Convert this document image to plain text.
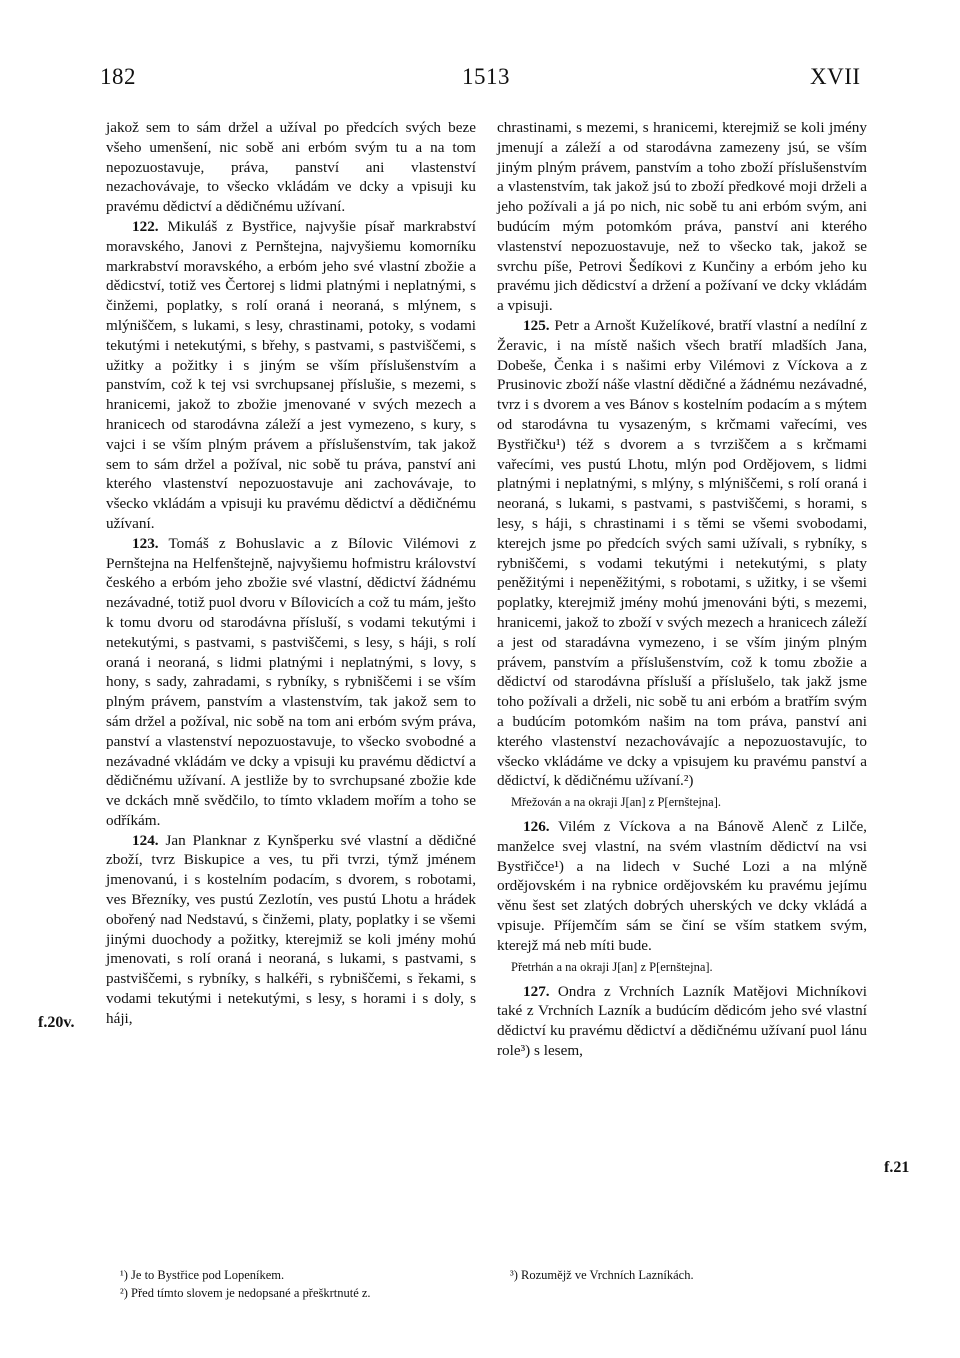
182	1513	XVII

jakož sem to sám držel a užíval po předcích svých beze všeho umenšení, nic sobě ani erbóm svým tu a na tom nepozuostavuje, práva, panství ani vlastenství nezachovávaje, to všecko vkládám ve dcky a vpisuji ku pravému dědictví a dědičnému užívaní.

122. Mikuláš z Bystřice, najvyšie písař markrabství moravského, Janovi z Pernštejna, najvyšiemu komorníku markrabství moravského, a erbóm jeho své vlastní zbožie a dědicství, totiž ves Čertorej s lidmi platnými i neplatnými, s činžemi, poplatky, s rolí oraná i neoraná, s mlýnem, s mlýniščem, s lukami, s lesy, chrastinami, potoky, s vodami tekutými i netekutými, s břehy, s pastvami, s pastviščemi, s užitky a požitky i s jiným se vším příslušenstvím a panstvím, což k tej vsi svrchupsanej příslušie, s mezemi, s hranicemi, jakož to zbožie jmenované v svých mezech a hranicech od starodávna záleží a jest vymezeno, s kury, s vajci i se vším plným právem a příslušenstvím, tak jakož sem to sám držel a požíval, nic sobě tu práva, panství ani kterého vlastenství nepozuostavuje ani zachovávaje, to všecko vkládám a vpisuji ku pravému dědictví a dědičnému užívaní.

123. Tomáš z Bohuslavic a z Bílovic Vilémovi z Pernštejna na Helfenštejně, najvyšiemu hofmistru království českého a erbóm jeho zbožie své vlastní, dědictví žádnému nezávadné, totiž puol dvoru v Bílovicích a což tu mám, ješto k tomu dvoru od starodávna přísluší, s vodami tekutými i netekutými, s pastvami, s pastviščemi, s lesy, s háji, s rolí oraná i neoraná, s lidmi platnými i neplatnými, s lovy, s hony, s sady, zahradami, s rybníky, s rybniščemi i se vším plným právem, panstvím a vlastenstvím, tak jakož sem to sám držel a požíval, nic sobě na tom ani erbóm svým práva, panství a vlastenství nepozuostavuje, to všecko svobodné a nezávadné vkládám ve dcky a vpisuji ku pravému dědictví a dědičnému užívaní. A jestliže by to svrchupsané zbožie kde ve dckách mně svědčilo, to tímto vkladem mořím a toho se odříkám.

124. Jan Planknar z Kynšperku své vlastní a dědičné zboží, tvrz Biskupice a ves, tu při tvrzi, týmž jménem jmenovanú, i s kostelním podacím, s dvorem, s robotami, ves Březníky, ves pustú Zezlotín, ves pustú Lhotu a hrádek obořený nad Nedstavú, s činžemi, platy, poplatky i se všemi jinými duochody a požitky, kterejmiž se koli jmény mohú jmenovati, s rolí oraná i neoraná, s lukami, s pastvami, s pastviščemi, s rybníky, s halkéři, s rybniščemi, s řekami, s vodami tekutými i netekutými, s lesy, s horami i s doly, s háji,

chrastinami, s mezemi, s hranicemi, kterejmiž se koli jmény jmenují a záleží a od starodávna zamezeny jsú, se vším jiným plným právem, panstvím a toho zboží příslušenstvím a vlastenstvím, tak jakož jsú to zboží předkové moji drželi a jeho požívali a já po nich, nic sobě tu ani erbóm svým, ani budúcím mým potomkóm práva, panství ani kterého vlastenství nepozuostavuje, než to všecko tak, jakož se svrchu píše, Petrovi Šedíkovi z Kunčiny a erbóm jeho ku pravému jich dědicství a držení a požívaní ve dcky vkládám a vpisuji.

125. Petr a Arnošt Kuželíkové, bratří vlastní a nedílní z Žeravic, i na místě našich všech bratří mladších Jana, Dobeše, Čenka i s našimi erby Vilémovi z Víckova a z Prusinovic zboží náše vlastní dědičné a žádnému nezávadné, tvrz i s dvorem a ves Bánov s kostelním podacím a s mýtem od starodávna tu vysazeným, s krčmami vařecími, ves Bystřičku¹) též s dvorem a s tvrziščem a s krčmami vařecími, ves pustú Lhotu, mlýn pod Ordějovem, s lidmi platnými i neplatnými, s mlýny, s mlýniščemi, s rolí oraná i neoraná, s lukami, s pastvami, s pastviščemi, s horami, s lesy, s háji, s chrastinami i s těmi se všemi svobodami, kterejch jsme po předcích svých sami užívali, s rybníky, s rybniščemi, s vodami tekutými i netekutými, s platy peněžitými i nepeněžitými, s robotami, s užitky, i se všemi poplatky, kterejmiž jmény mohú jmenováni býti, s mezemi, hranicemi, jakož to zboží v svých mezech a hranicech záleží a jest od staradávna vymezeno, i se vším jiným plným právem, panstvím a příslušenstvím, což k tomu zbožie a dědictví od starodávna přísluší a příslušelo, tak jakž jsme toho požívali a drželi, nic sobě tu ani erbóm a bratřím svým a budúcím potomkóm našim na tom práva, panství ani kterého vlastenství nezachovávajíc a nepozuostavujíc, to všecko vkládáme ve dcky a vpisujem ku pravému panství a dědictví, k dědičnému užívaní.²)

Mřežován a na okraji J[an] z P[ernštejna].

126. Vilém z Víckova a na Bánově Alenč z Lilče, manželce svej vlastní, na svém vlastním dědictví na vsi Bystřičce¹) a na lidech v Suché Lozi a na mlýně ordějovském i na rybnice ordějovském ku pravému jejímu věnu šest set zlatých dobrých uherských ve dcky vkládá a vpisuje. Příjemčím sám se činí se vším statkem svým, kterejž má neb míti bude.

Přetrhán a na okraji J[an] z P[ernštejna].

127. Ondra z Vrchních Lazník Matějovi Michníkovi také z Vrchních Lazník a budúcím dědicóm jeho své vlastní dědictví ku pravému dědictví a dědičnému užívaní puol lánu role³) s lesem,

f.20v.
f.21
¹) Je to Bystřice pod Lopeníkem.
²) Před tímto slovem je nedopsané a přeškrtnuté z.
³) Rozumějž ve Vrchních Lazníkách.
